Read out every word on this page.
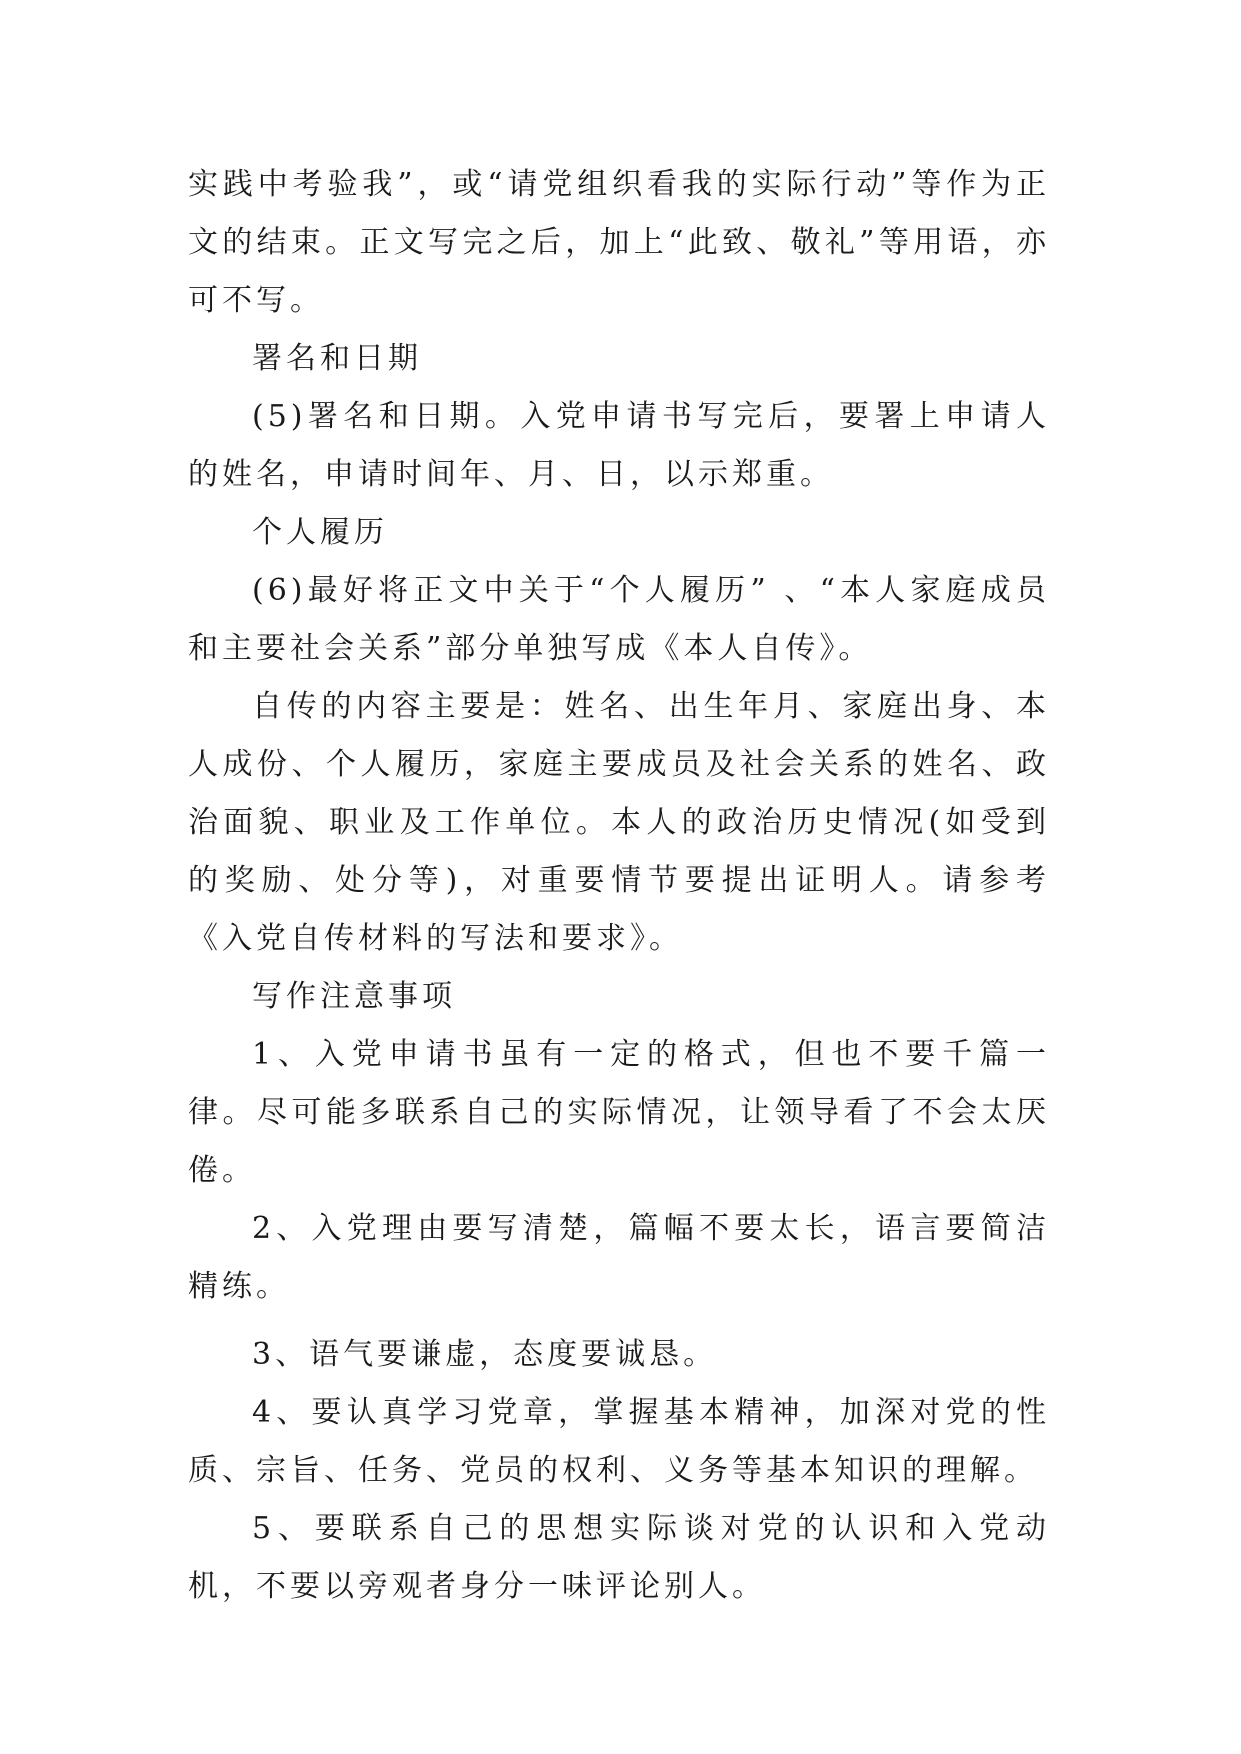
实践中考验我”，或“请党组织看我的实际行动”等作为正文的结束。正文写完之后，加上“此致、敬礼”等用语，亦可不写。

署名和日期

(5)署名和日期。入党申请书写完后，要署上申请人的姓名，申请时间年、月、日，以示郑重。

个人履历

(6)最好将正文中关于“个人履历” 、“本人家庭成员和主要社会关系”部分单独写成《本人自传》。

自传的内容主要是：姓名、出生年月、家庭出身、本人成份、个人履历，家庭主要成员及社会关系的姓名、政治面貌、职业及工作单位。本人的政治历史情况(如受到的奖励、处分等)，对重要情节要提出证明人。请参考《入党自传材料的写法和要求》。

写作注意事项

1、入党申请书虽有一定的格式，但也不要千篇一律。尽可能多联系自己的实际情况，让领导看了不会太厌倦。

2、入党理由要写清楚，篇幅不要太长，语言要简洁精练。

3、语气要谦虚，态度要诚恳。

4、要认真学习党章，掌握基本精神，加深对党的性质、宗旨、任务、党员的权利、义务等基本知识的理解。

5、要联系自己的思想实际谈对党的认识和入党动机，不要以旁观者身分一味评论别人。
